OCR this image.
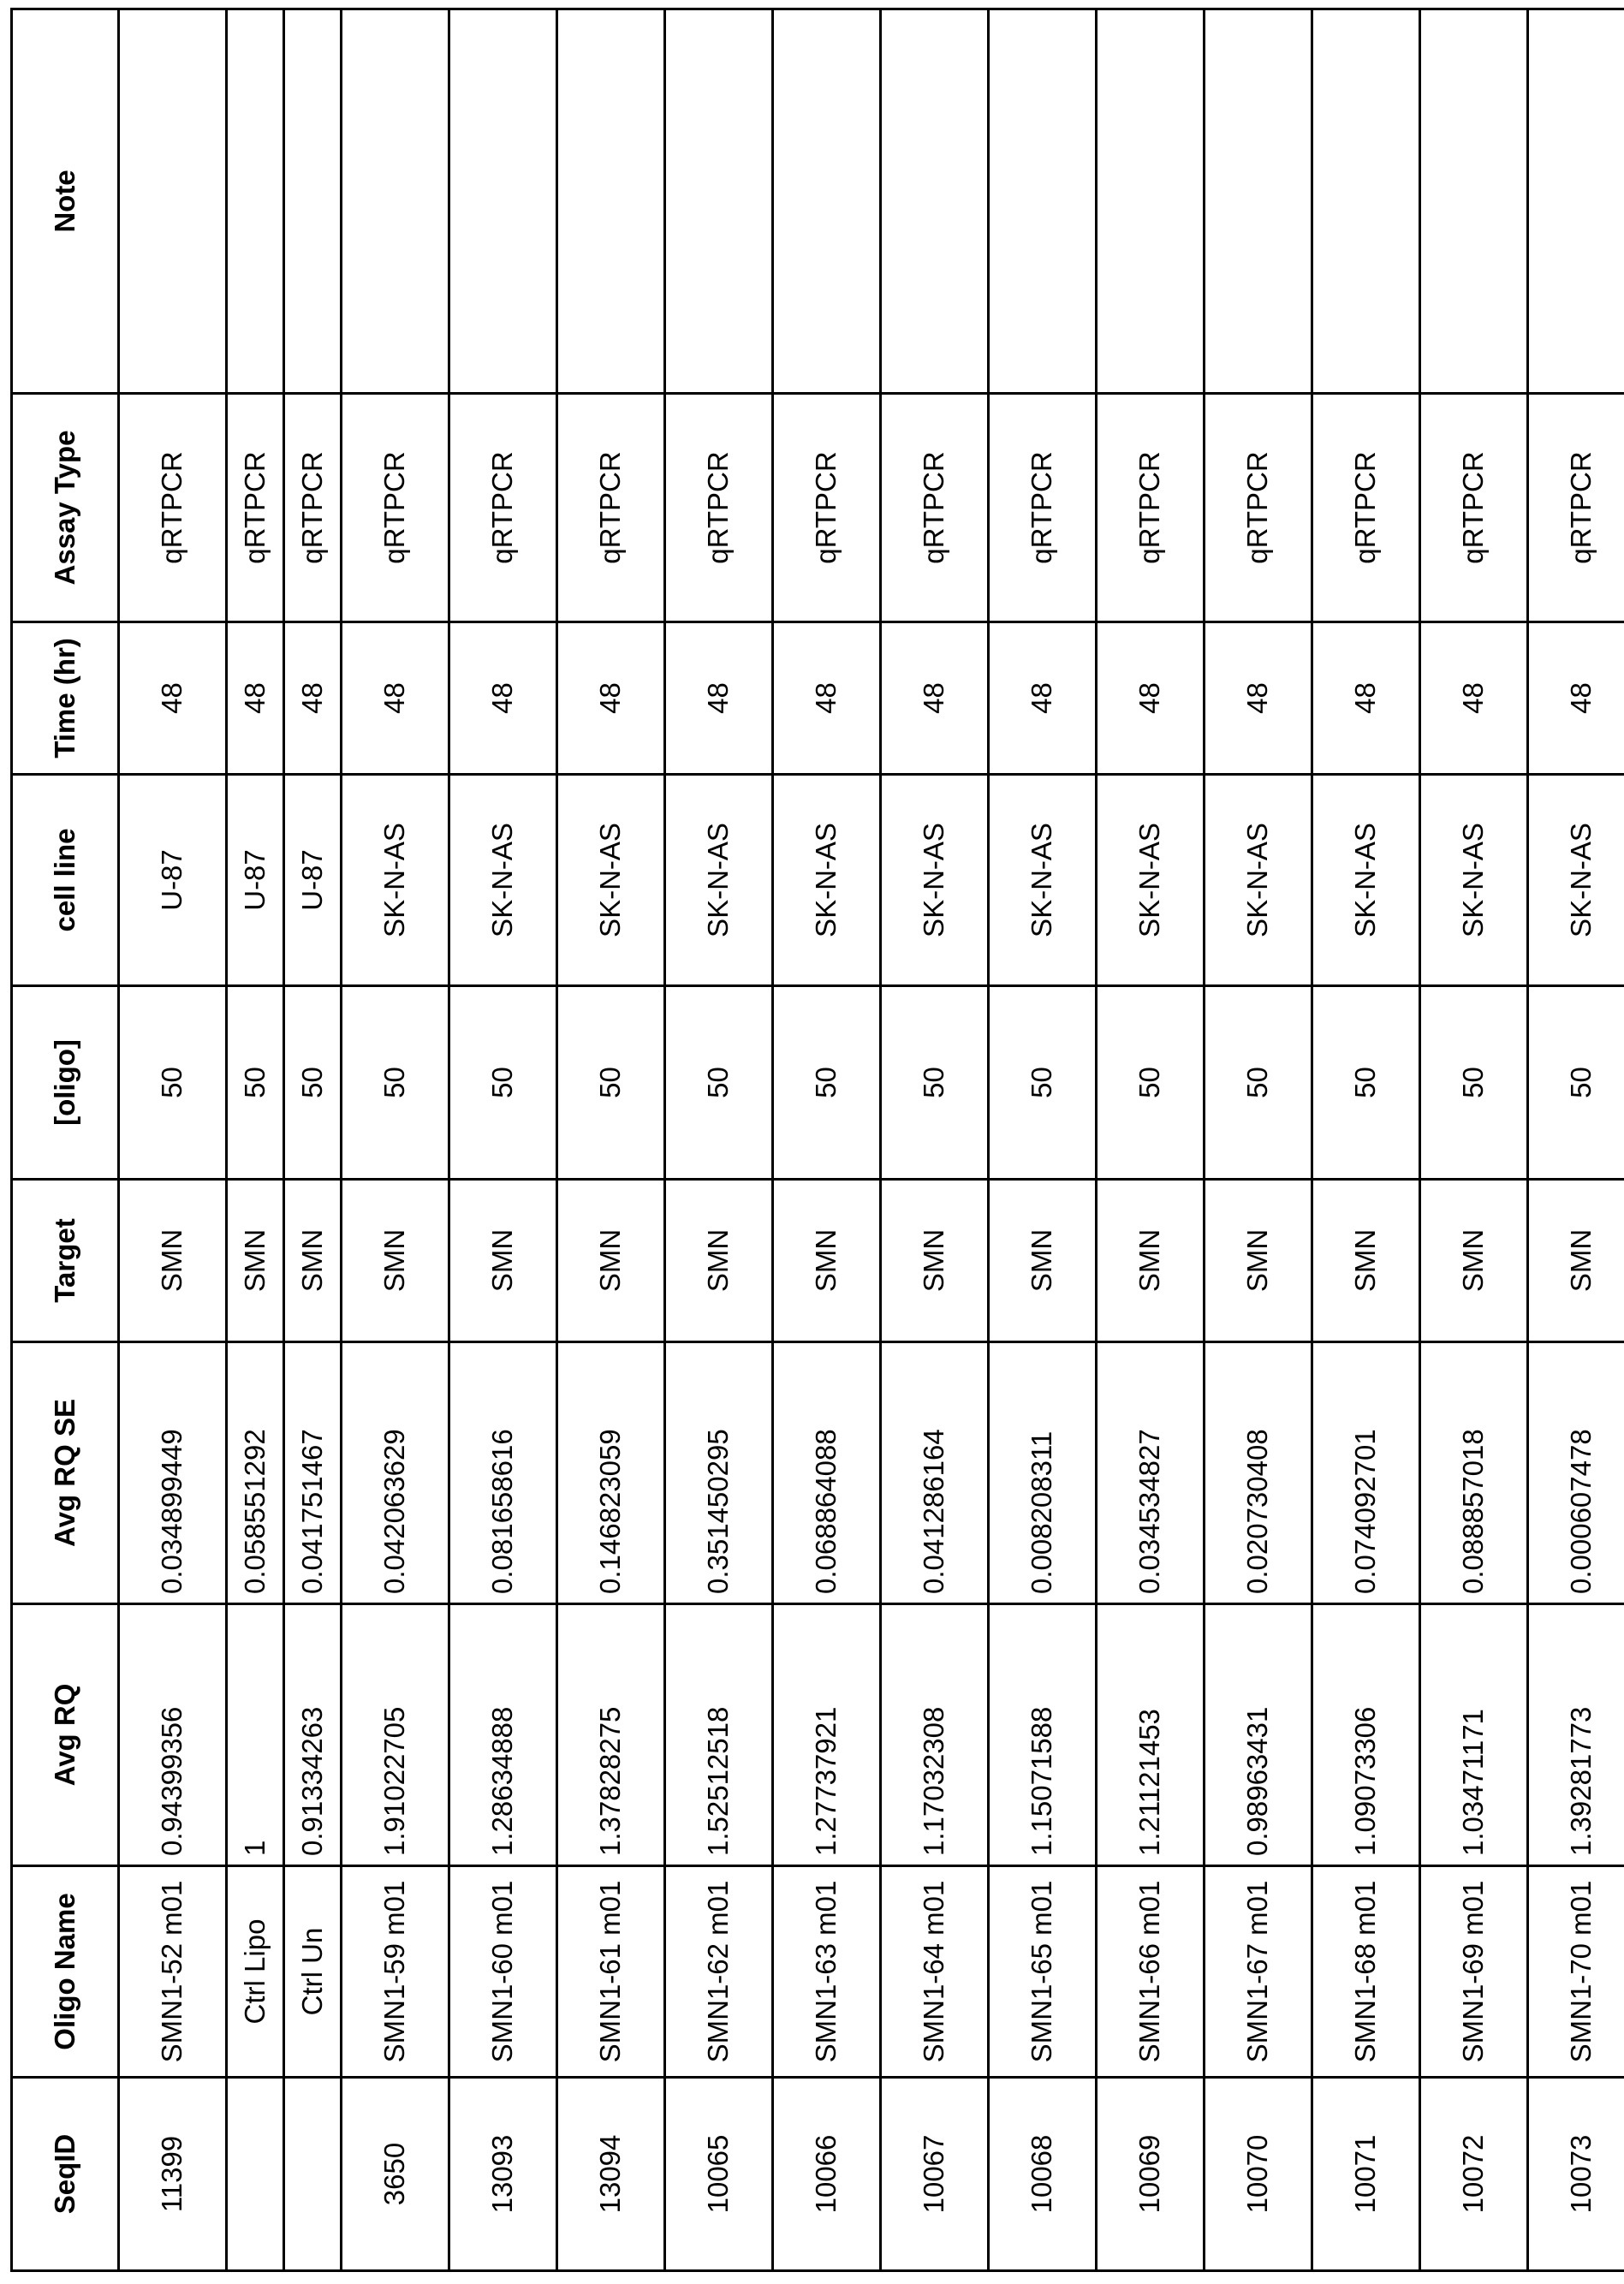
SeqID	Oligo Name	Avg RQ	Avg RQ SE	Target	[oligo]	cell line	Time (hr)	Assay Type	Note
11399	SMN1-52 m01	0.94399356	0.034899449	SMN	50	U-87	48	qRTPCR	
	Ctrl Lipo	1	0.058551292	SMN	50	U-87	48	qRTPCR	
	Ctrl Un	0.91334263	0.041751467	SMN	50	U-87	48	qRTPCR	
3650	SMN1-59 m01	1.91022705	0.042063629	SMN	50	SK-N-AS	48	qRTPCR	
13093	SMN1-60 m01	1.28634888	0.081658616	SMN	50	SK-N-AS	48	qRTPCR	
13094	SMN1-61 m01	1.37828275	0.146823059	SMN	50	SK-N-AS	48	qRTPCR	
10065	SMN1-62 m01	1.52512518	0.351450295	SMN	50	SK-N-AS	48	qRTPCR	
10066	SMN1-63 m01	1.27737921	0.068864088	SMN	50	SK-N-AS	48	qRTPCR	
10067	SMN1-64 m01	1.17032308	0.041286164	SMN	50	SK-N-AS	48	qRTPCR	
10068	SMN1-65 m01	1.15071588	0.008208311	SMN	50	SK-N-AS	48	qRTPCR	
10069	SMN1-66 m01	1.21121453	0.034534827	SMN	50	SK-N-AS	48	qRTPCR	
10070	SMN1-67 m01	0.98963431	0.020730408	SMN	50	SK-N-AS	48	qRTPCR	
10071	SMN1-68 m01	1.09073306	0.074092701	SMN	50	SK-N-AS	48	qRTPCR	
10072	SMN1-69 m01	1.03471171	0.088857018	SMN	50	SK-N-AS	48	qRTPCR	
10073	SMN1-70 m01	1.39281773	0.000607478	SMN	50	SK-N-AS	48	qRTPCR	
